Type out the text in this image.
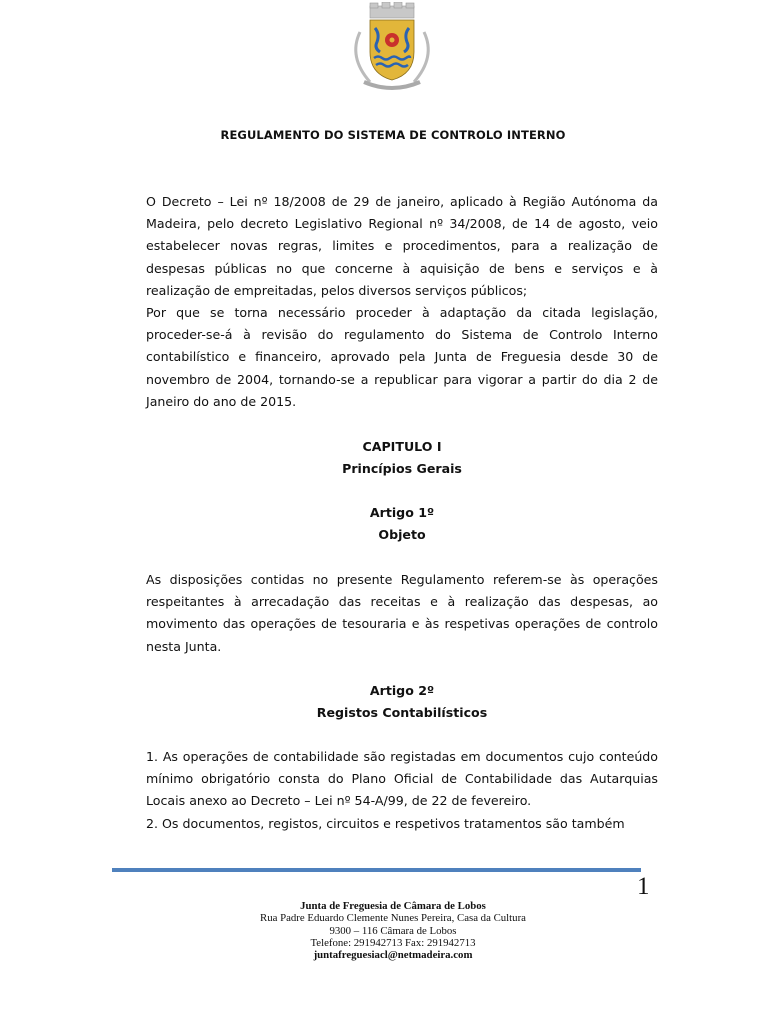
REGULAMENTO DO SISTEMA DE CONTROLO INTERNO

O Decreto – Lei nº 18/2008 de 29 de janeiro, aplicado à Região Autónoma da Madeira, pelo decreto Legislativo Regional nº 34/2008, de 14 de agosto, veio estabelecer novas regras, limites e procedimentos, para a realização de despesas públicas no que concerne à aquisição de bens e serviços e à realização de empreitadas, pelos diversos serviços públicos;

Por que se torna necessário proceder à adaptação da citada legislação, proceder-se-á à revisão do regulamento do Sistema de Controlo Interno contabilístico e financeiro, aprovado pela Junta de Freguesia desde 30 de novembro de 2004, tornando-se a republicar para vigorar a partir do dia 2 de Janeiro do ano de 2015.

CAPITULO I
Princípios Gerais
Artigo 1º
Objeto

As disposições contidas no presente Regulamento referem-se às operações respeitantes à arrecadação das receitas e à realização das despesas, ao movimento das operações de tesouraria e às respetivas operações de controlo nesta Junta.

Artigo 2º
Registos Contabilísticos

1. As operações de contabilidade são registadas em documentos cujo conteúdo mínimo obrigatório consta do Plano Oficial de Contabilidade das Autarquias Locais anexo ao Decreto – Lei nº 54-A/99, de 22 de fevereiro.

2. Os documentos, registos, circuitos e respetivos tratamentos são também

1
Junta de Freguesia de Câmara de Lobos
Rua Padre Eduardo Clemente Nunes Pereira, Casa da Cultura
9300 – 116 Câmara de Lobos
Telefone: 291942713 Fax: 291942713
juntafreguesiacl@netmadeira.com
